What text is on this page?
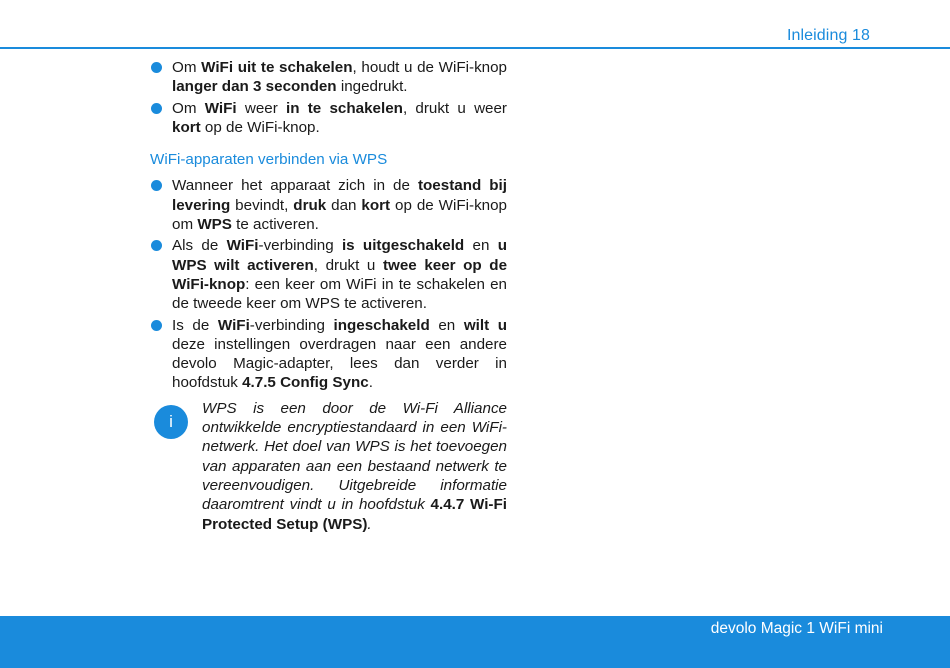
Inleiding 18
Om WiFi uit te schakelen, houdt u de WiFi-knop langer dan 3 seconden ingedrukt.
Om WiFi weer in te schakelen, drukt u weer kort op de WiFi-knop.
WiFi-apparaten verbinden via WPS
Wanneer het apparaat zich in de toestand bij levering bevindt, druk dan kort op de WiFi-knop om WPS te activeren.
Als de WiFi-verbinding is uitgeschakeld en u WPS wilt activeren, drukt u twee keer op de WiFi-knop: een keer om WiFi in te schakelen en de tweede keer om WPS te activeren.
Is de WiFi-verbinding ingeschakeld en wilt u deze instellingen overdragen naar een andere devolo Magic-adapter, lees dan verder in hoofdstuk 4.7.5 Config Sync.
i
WPS is een door de Wi-Fi Alliance ontwikkelde encryptiestandaard in een WiFi-netwerk. Het doel van WPS is het toevoegen van apparaten aan een bestaand netwerk te vereenvoudigen. Uitgebreide informatie daaromtrent vindt u in hoofdstuk 4.4.7 Wi-Fi Protected Setup (WPS).
devolo Magic 1 WiFi mini
